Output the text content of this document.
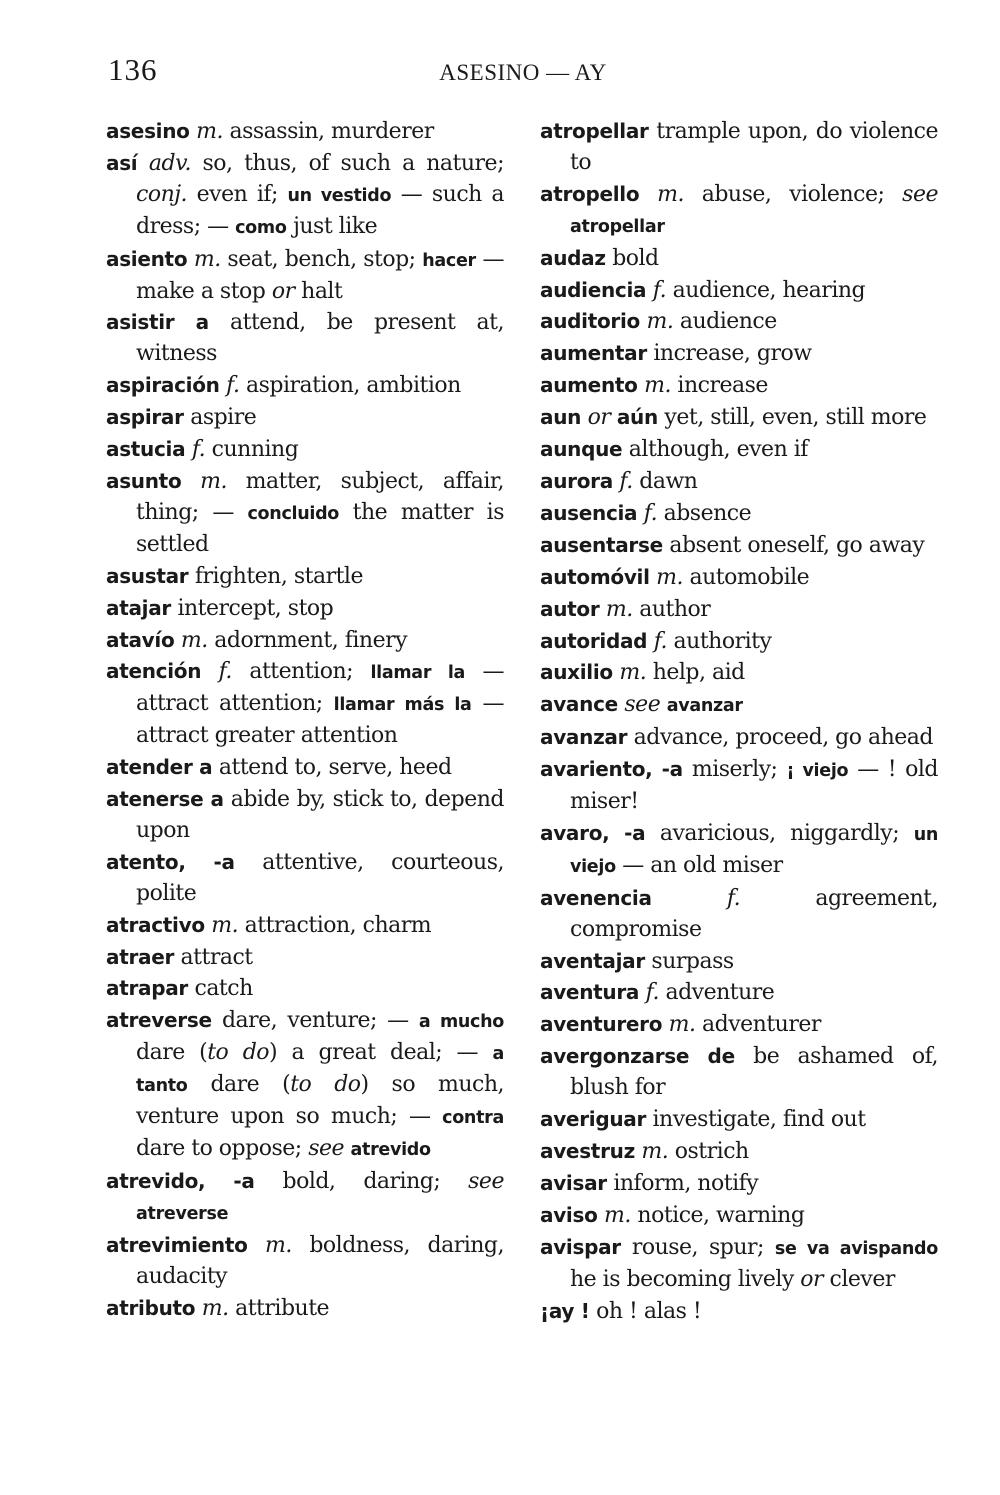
136	ASESINO — AY

asesino m. assassin, murderer

así adv. so, thus, of such a nature; conj. even if; un vestido — such a dress; — como just like

asiento m. seat, bench, stop; hacer — make a stop or halt

asistir a attend, be present at, witness

aspiración f. aspiration, ambition

aspirar aspire

astucia f. cunning

asunto m. matter, subject, affair, thing; — concluido the matter is settled

asustar frighten, startle

atajar intercept, stop

atavío m. adornment, finery

atención f. attention; llamar la — attract attention; llamar más la — attract greater attention

atender a attend to, serve, heed

atenerse a abide by, stick to, depend upon

atento, -a attentive, courteous, polite

atractivo m. attraction, charm

atraer attract

atrapar catch

atreverse dare, venture; — a mucho dare (to do) a great deal; — a tanto dare (to do) so much, venture upon so much; — contra dare to oppose; see atrevido

atrevido, -a bold, daring; see atreverse

atrevimiento m. boldness, daring, audacity

atributo m. attribute

atropellar trample upon, do violence to

atropello m. abuse, violence; see atropellar

audaz bold

audiencia f. audience, hearing

auditorio m. audience

aumentar increase, grow

aumento m. increase

aun or aún yet, still, even, still more

aunque although, even if

aurora f. dawn

ausencia f. absence

ausentarse absent oneself, go away

automóvil m. automobile

autor m. author

autoridad f. authority

auxilio m. help, aid

avance see avanzar

avanzar advance, proceed, go ahead

avariento, -a miserly; ¡ viejo — ! old miser!

avaro, -a avaricious, niggardly; un viejo — an old miser

avenencia	f. agreement, compromise

aventajar surpass

aventura f. adventure

aventurero m. adventurer

avergonzarse de be ashamed of, blush for

averiguar investigate, find out

avestruz m. ostrich

avisar inform, notify

aviso m. notice, warning

avispar rouse, spur; se va avispando he is becoming lively or clever

¡ay ! oh ! alas !
